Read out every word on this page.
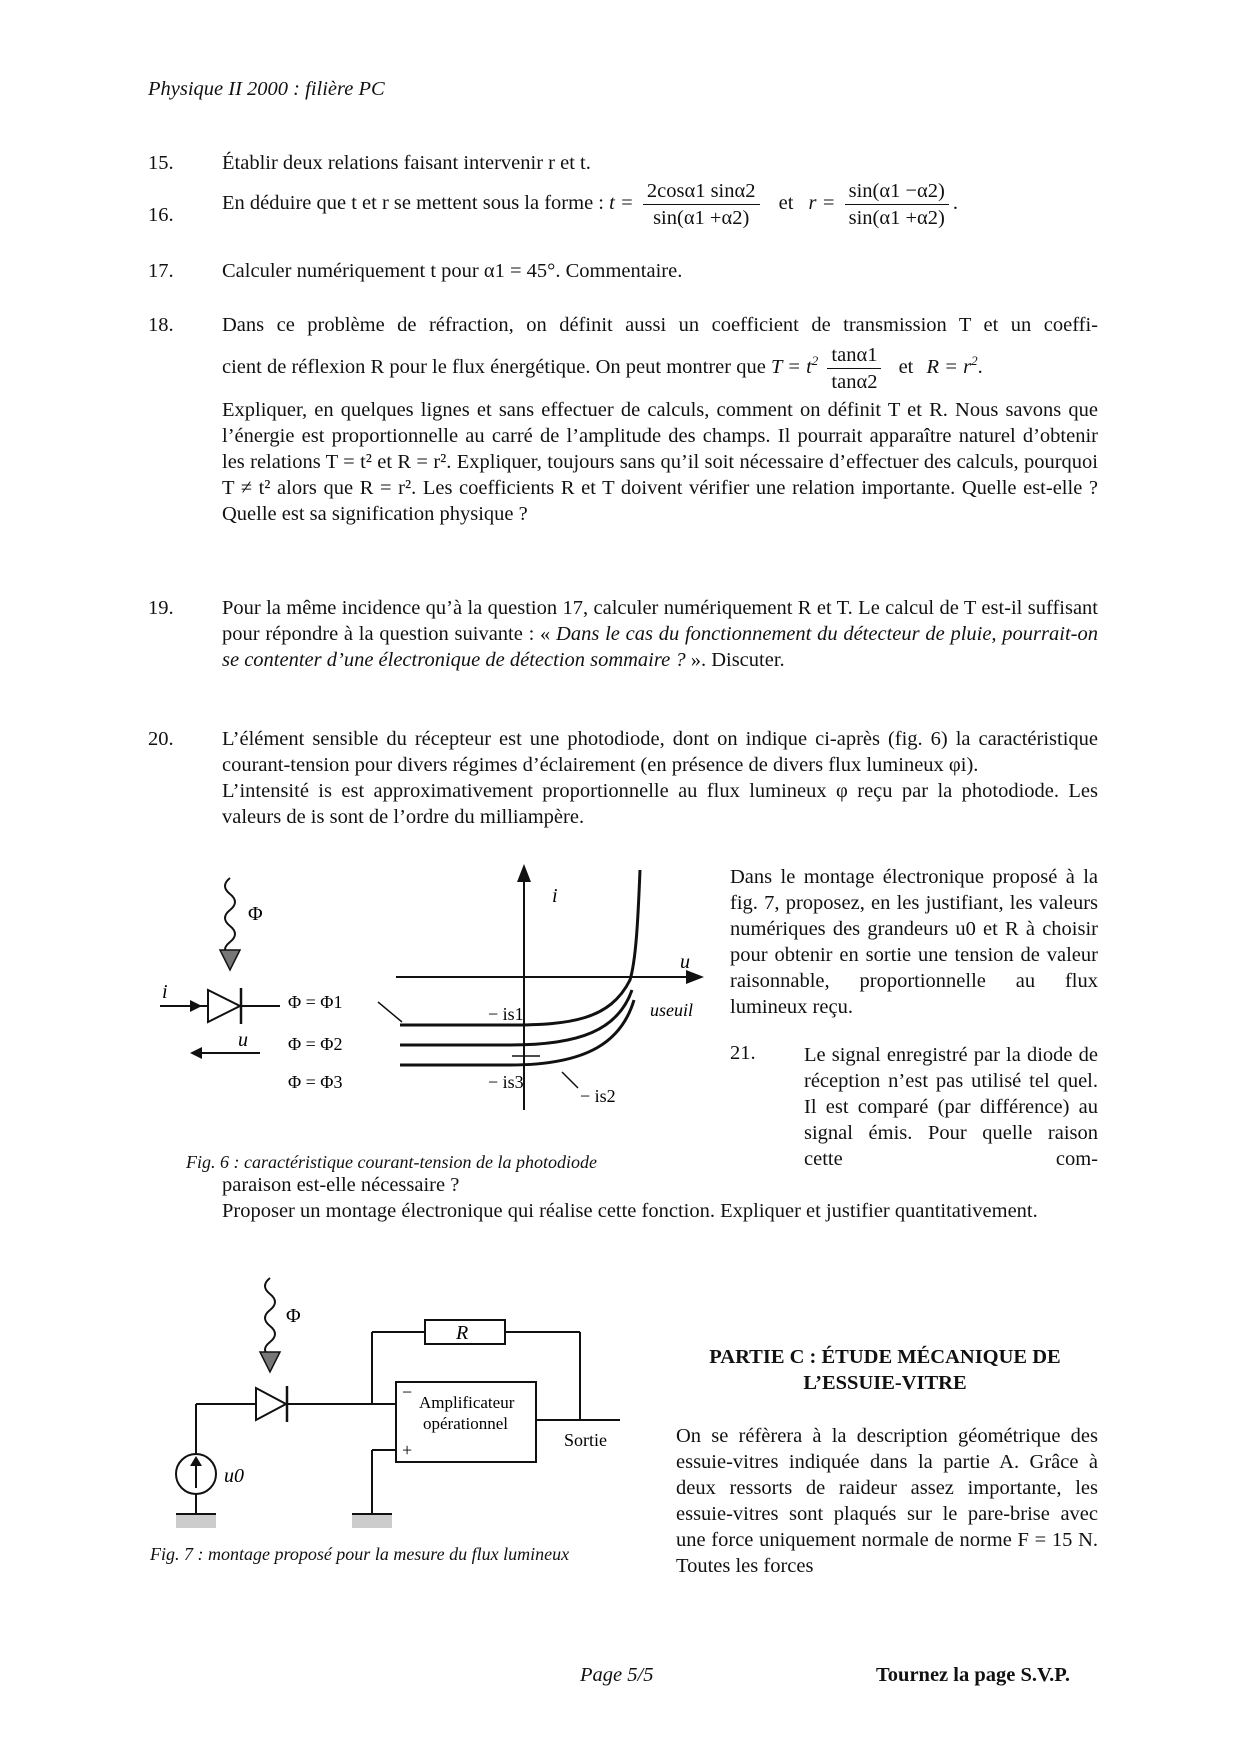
Physique II 2000 : filière PC
15.	Établir deux relations faisant intervenir r et t.
16.
En déduire que t et r se mettent sous la forme : $t = \frac{2\cos\alpha 1 \sin\alpha 2}{\sin(\alpha 1 +\alpha 2)}$ et $r = \frac{\sin(\alpha 1 -\alpha 2)}{\sin(\alpha 1 +\alpha 2)}$ .
17.	Calculer numériquement t pour α1 = 45°. Commentaire.
18.	Dans ce problème de réfraction, on définit aussi un coefficient de transmission T et un coeffi-
cient de réflexion R pour le flux énergétique. On peut montrer que $T = t^2 \frac{\tan\alpha 1}{\tan\alpha 2}$ et $R = r^2$.
Expliquer, en quelques lignes et sans effectuer de calculs, comment on définit T et R. Nous savons que l’énergie est proportionnelle au carré de l’amplitude des champs. Il pourrait apparaître naturel d’obtenir les relations T = t² et R = r². Expliquer, toujours sans qu’il soit nécessaire d’effectuer des calculs, pourquoi T ≠ t² alors que R = r². Les coefficients R et T doivent vérifier une relation importante. Quelle est-elle ? Quelle est sa signification physique ?
19.	Pour la même incidence qu’à la question 17, calculer numériquement R et T. Le calcul de T est-il suffisant pour répondre à la question suivante : « Dans le cas du fonctionnement du détecteur de pluie, pourrait-on se contenter d’une électronique de détection sommaire ? ». Discuter.
20.	L’élément sensible du récepteur est une photodiode, dont on indique ci-après (fig. 6) la caractéristique courant-tension pour divers régimes d’éclairement (en présence de divers flux lumineux φi).
L’intensité is est approximativement proportionnelle au flux lumineux φ reçu par la photodiode. Les valeurs de is sont de l’ordre du milliampère.
Dans le montage électronique proposé à la fig. 7, proposez, en les justifiant, les valeurs numériques des grandeurs u0 et R à choisir pour obtenir en sortie une tension de valeur raisonnable, proportionnelle au flux lumineux reçu.
21. Le signal enregistré par la diode de réception n’est pas utilisé tel quel. Il est comparé (par différence) au signal émis. Pour quelle raison cette com-
paraison est-elle nécessaire ?
Proposer un montage électronique qui réalise cette fonction. Expliquer et justifier quantitativement.
Φ
i
u
i
u
Φ = Φ1
Φ = Φ2
Φ = Φ3
− is1
− is3
− is2
useuil
Fig. 6 : caractéristique courant-tension de la photodiode
Φ
u0
R
Amplificateur
opérationnel
−
+	Sortie
Fig. 7 : montage proposé pour la mesure du flux lumineux
PARTIE C : ÉTUDE MÉCANIQUE DE
L’ESSUIE-VITRE
On se réfèrera à la description géométrique des essuie-vitres indiquée dans la partie A. Grâce à deux ressorts de raideur assez importante, les essuie-vitres sont plaqués sur le pare-brise avec une force uniquement normale de norme F = 15 N. Toutes les forces
Page 5/5	Tournez la page S.V.P.
